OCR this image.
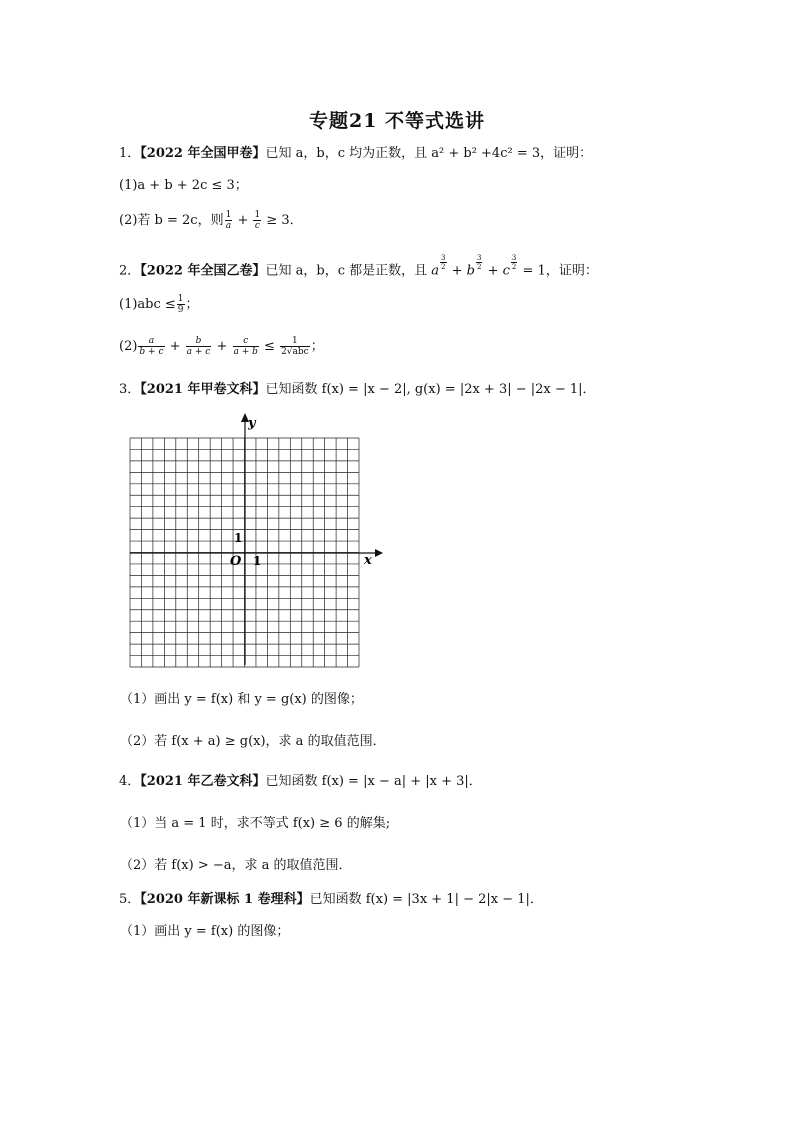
专题21 不等式选讲
1．【2022 年全国甲卷】已知 a，b，c 均为正数，且 a² + b² +4c² = 3，证明：
(1)a + b + 2c ≤ 3；
(2)若 b = 2c，则 $\frac{1}{a} + \frac{1}{c} \ge 3$．
2．【2022 年全国乙卷】已知 a，b，c 都是正数，且 a $\frac{3}{2} + b \frac{3}{2} + c \frac{3}{2} = 1$，证明：
$(1)abc \le \frac{1}{9}$ ；
$(2) \frac{a}{b + c} + \frac{b}{a + c} + \frac{c}{a + b} \le \frac{1}{\text{2√abc}}$ ；
3．【2021 年甲卷文科】已知函数 f(x) = |x − 2|, g(x) = |2x + 3| − |2x − 1|．
y
x
O 1
1
（1）画出 y = f(x) 和 y = g(x) 的图像；
（2）若 f(x + a) ≥ g(x)，求 a 的取值范围．
4．【2021 年乙卷文科】已知函数 f(x) = |x − a| + |x + 3|．
（1）当 a = 1 时，求不等式 f(x) ≥ 6 的解集;
（2）若 f(x) > −a，求 a 的取值范围．
5．【2020 年新课标 1 卷理科】已知函数 f(x) = |3x + 1| − 2|x − 1|．
（1）画出 y = f(x) 的图像；
